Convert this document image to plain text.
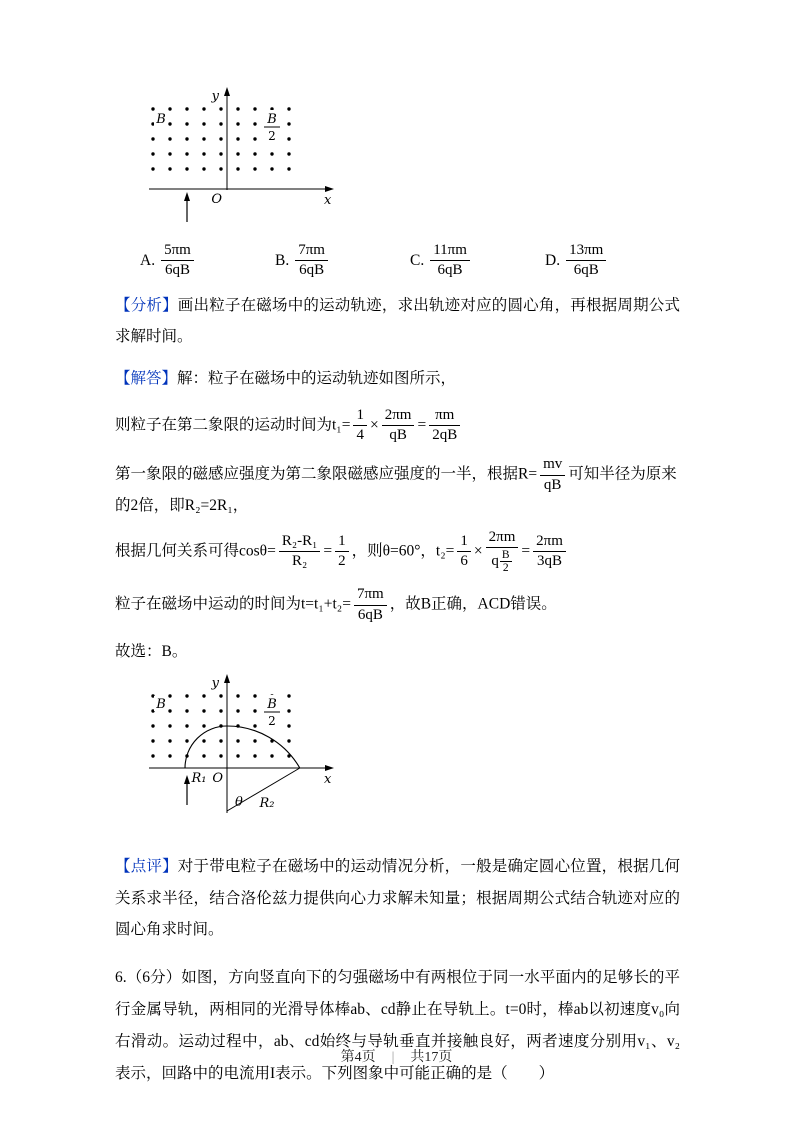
y
x
O
B	B
2
A. $\frac{5\pi m}{6qB}$	B. $\frac{7\pi m}{6qB}$	C. $\frac{11\pi m}{6qB}$	D. $\frac{13\pi m}{6qB}$

【分析】画出粒子在磁场中的运动轨迹，求出轨迹对应的圆心角，再根据周期公式求解时间。

【解答】解：粒子在磁场中的运动轨迹如图所示，

则粒子在第二象限的运动时间为$t_1= \frac{1}{4} \times \frac{2\pi m}{qB} = \frac{\pi m}{2qB}$

第一象限的磁感应强度为第二象限磁感应强度的一半，根据$R= \frac{mv}{qB}$ 可知半径为原来的2倍，即R₂=2R₁，

根据几何关系可得$\cos\theta= \frac{\text{R₂-R₁}}{\text{R₂}} = \frac{1}{2}$ ，则θ=60°，$t_2= \frac{1}{6} \times \frac{2\pi m}{q \frac{B}{2}} = \frac{2\pi m}{3qB}$

粒子在磁场中运动的时间为$t=t_1+t_2= \frac{7\pi m}{6qB}$ ，故B正确，ACD错误。

故选：B。

y
x
O
R₁
θ R₂
B	B
2

【点评】对于带电粒子在磁场中的运动情况分析，一般是确定圆心位置，根据几何关系求半径，结合洛伦兹力提供向心力求解未知量；根据周期公式结合轨迹对应的圆心角求时间。

6.（6分）如图，方向竖直向下的匀强磁场中有两根位于同一水平面内的足够长的平行金属导轨，两相同的光滑导体棒ab、cd静止在导轨上。t=0时，棒ab以初速度v₀向右滑动。运动过程中，ab、cd始终与导轨垂直并接触良好，两者速度分别用v₁、v₂表示，回路中的电流用I表示。下列图象中可能正确的是（　　）

第4页 | 共17页
